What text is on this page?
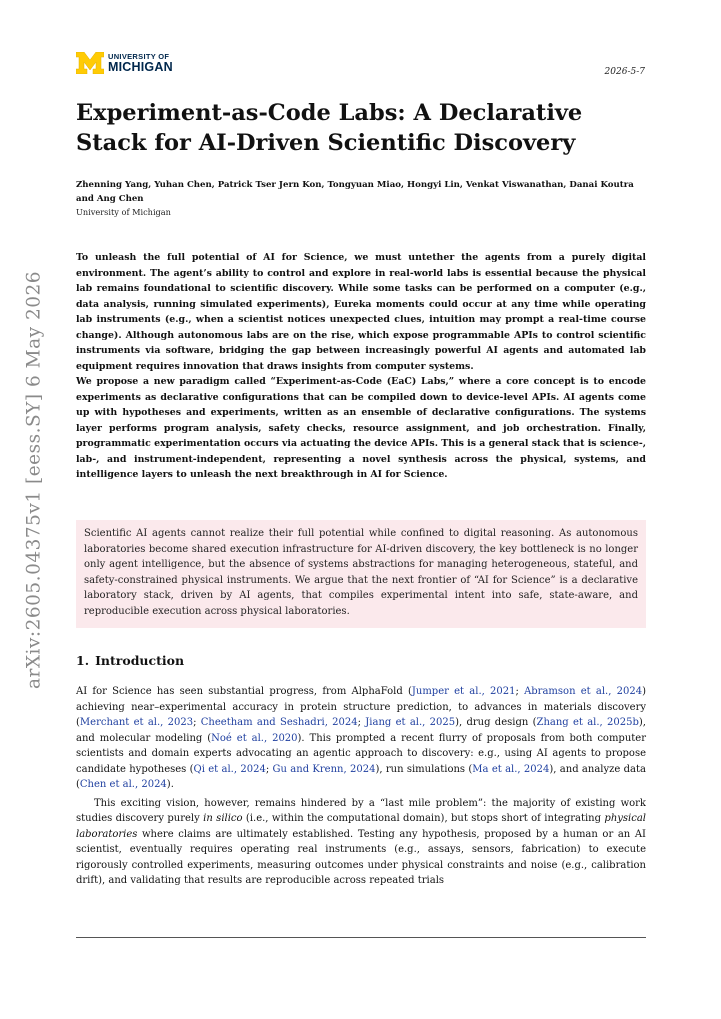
UNIVERSITY OF
MICHIGAN	2026-5-7
arXiv:2605.04375v1 [eess.SY] 6 May 2026
Experiment-as-Code Labs: A Declarative Stack for AI-Driven Scientific Discovery
Zhenning Yang, Yuhan Chen, Patrick Tser Jern Kon, Tongyuan Miao, Hongyi Lin, Venkat Viswanathan, Danai Koutra and Ang Chen
University of Michigan

To unleash the full potential of AI for Science, we must untether the agents from a purely digital environment. The agent’s ability to control and explore in real-world labs is essential because the physical lab remains foundational to scientific discovery. While some tasks can be performed on a computer (e.g., data analysis, running simulated experiments), Eureka moments could occur at any time while operating lab instruments (e.g., when a scientist notices unexpected clues, intuition may prompt a real-time course change). Although autonomous labs are on the rise, which expose programmable APIs to control scientific instruments via software, bridging the gap between increasingly powerful AI agents and automated lab equipment requires innovation that draws insights from computer systems.

We propose a new paradigm called “Experiment-as-Code (EaC) Labs,” where a core concept is to encode experiments as declarative configurations that can be compiled down to device-level APIs. AI agents come up with hypotheses and experiments, written as an ensemble of declarative configurations. The systems layer performs program analysis, safety checks, resource assignment, and job orchestration. Finally, programmatic experimentation occurs via actuating the device APIs. This is a general stack that is science-, lab-, and instrument-independent, representing a novel synthesis across the physical, systems, and intelligence layers to unleash the next breakthrough in AI for Science.

Scientific AI agents cannot realize their full potential while confined to digital reasoning. As autonomous laboratories become shared execution infrastructure for AI-driven discovery, the key bottleneck is no longer only agent intelligence, but the absence of systems abstractions for managing heterogeneous, stateful, and safety-constrained physical instruments. We argue that the next frontier of “AI for Science” is a declarative laboratory stack, driven by AI agents, that compiles experimental intent into safe, state-aware, and reproducible execution across physical laboratories.
1. Introduction

AI for Science has seen substantial progress, from AlphaFold (Jumper et al., 2021; Abramson et al., 2024) achieving near–experimental accuracy in protein structure prediction, to advances in materials discovery (Merchant et al., 2023; Cheetham and Seshadri, 2024; Jiang et al., 2025), drug design (Zhang et al., 2025b), and molecular modeling (Noé et al., 2020). This prompted a recent flurry of proposals from both computer scientists and domain experts advocating an agentic approach to discovery: e.g., using AI agents to propose candidate hypotheses (Qi et al., 2024; Gu and Krenn, 2024), run simulations (Ma et al., 2024), and analyze data (Chen et al., 2024).

This exciting vision, however, remains hindered by a “last mile problem”: the majority of existing work studies discovery purely in silico (i.e., within the computational domain), but stops short of integrating physical laboratories where claims are ultimately established. Testing any hypothesis, proposed by a human or an AI scientist, eventually requires operating real instruments (e.g., assays, sensors, fabrication) to execute rigorously controlled experiments, measuring outcomes under physical constraints and noise (e.g., calibration drift), and validating that results are reproducible across repeated trials
